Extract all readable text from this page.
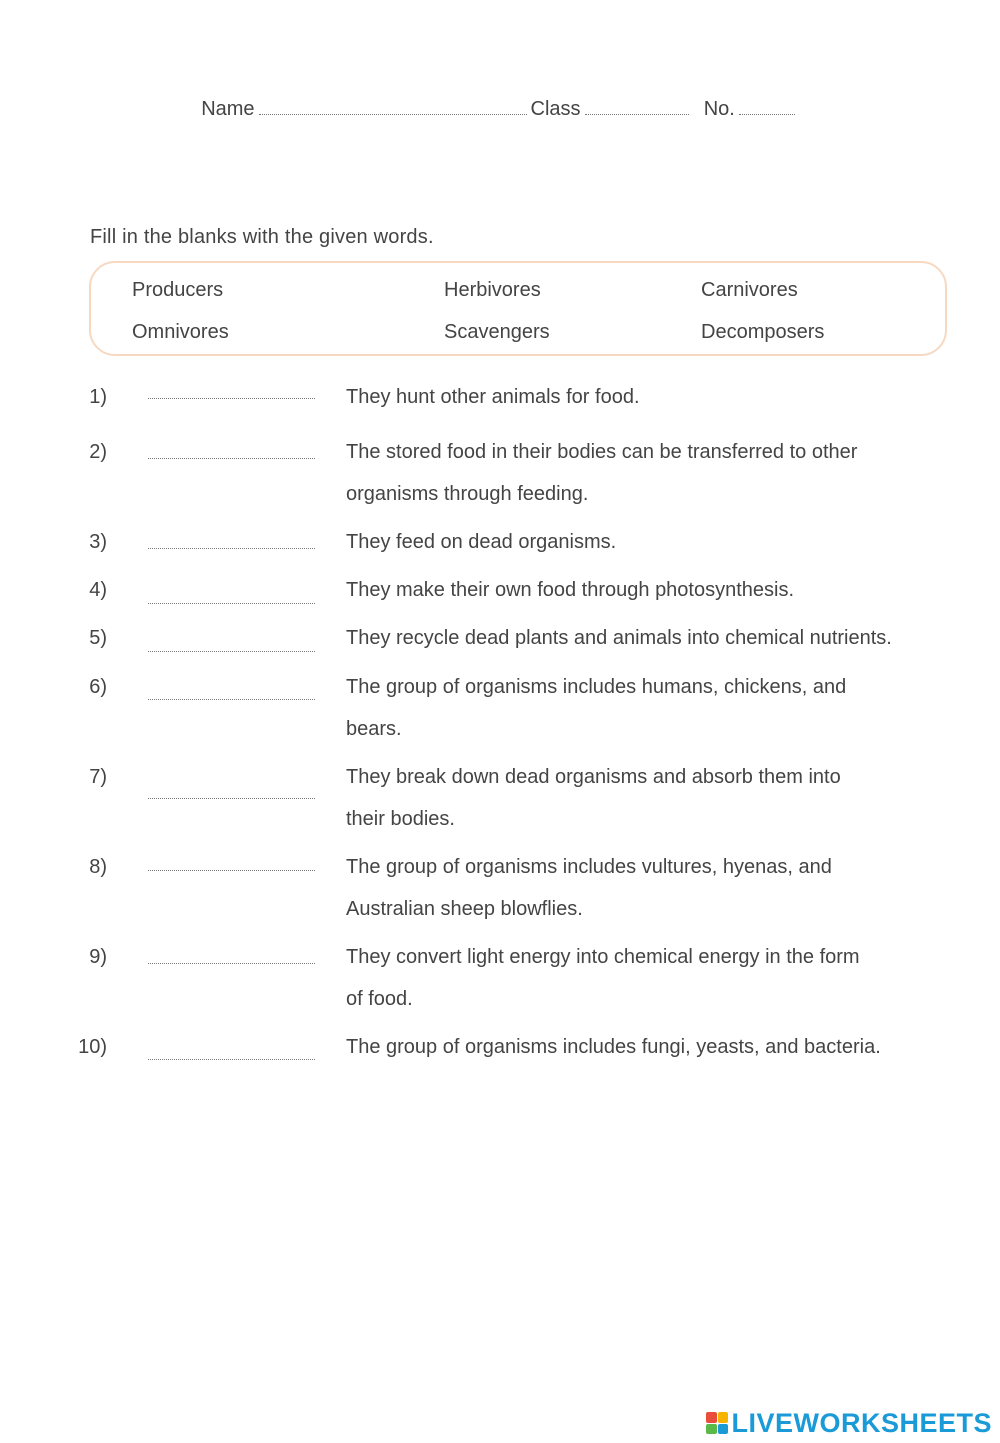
Name	Class	No.
Fill in the blanks with the given words.
Producers	Herbivores	Carnivores
Omnivores	Scavengers	Decomposers
1)	They hunt other animals for food.
2)	The stored food in their bodies can be transferred to other
organisms through feeding.
3)	They feed on dead organisms.
4)	They make their own food through photosynthesis.
5)	They recycle dead plants and animals into chemical nutrients.
6)	The group of organisms includes humans, chickens, and
bears.
7)	They break down dead organisms and absorb them into
their bodies.
8)	The group of organisms includes vultures, hyenas, and
Australian sheep blowflies.
9)	They convert light energy into chemical energy in the form
of food.
10)	The group of organisms includes fungi, yeasts, and bacteria.
LIVEWORKSHEETS
